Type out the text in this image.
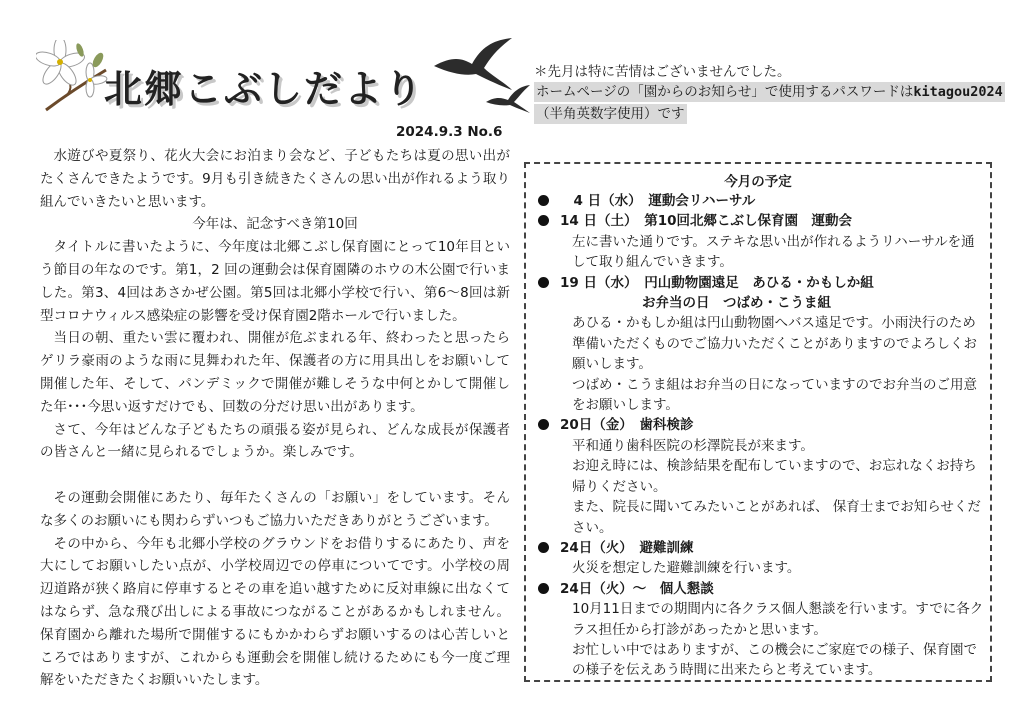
北郷こぶしだより
2024.9.3 No.6
＊先月は特に苦情はございませんでした。
ホームページの「園からのお知らせ」で使用するパスワードはkitagou2024
（半角英数字使用）です

水遊びや夏祭り、花火大会にお泊まり会など、子どもたちは夏の思い出がたくさんできたようです。9月も引き続きたくさんの思い出が作れるよう取り組んでいきたいと思います。

今年は、記念すべき第10回

タイトルに書いたように、今年度は北郷こぶし保育園にとって10年目という節目の年なのです。第1，2 回の運動会は保育園隣のホウの木公園で行いました。第3、4回はあさかぜ公園。第5回は北郷小学校で行い、第6～8回は新型コロナウィルス感染症の影響を受け保育園2階ホールで行いました。

当日の朝、重たい雲に覆われ、開催が危ぶまれる年、終わったと思ったらゲリラ豪雨のような雨に見舞われた年、保護者の方に用具出しをお願いして開催した年、そして、パンデミックで開催が難しそうな中何とかして開催した年･･･今思い返すだけでも、回数の分だけ思い出があります。

さて、今年はどんな子どもたちの頑張る姿が見られ、どんな成長が保護者の皆さんと一緒に見られるでしょうか。楽しみです。

その運動会開催にあたり、毎年たくさんの「お願い」をしています。そんな多くのお願いにも関わらずいつもご協力いただきありがとうございます。

その中から、今年も北郷小学校のグラウンドをお借りするにあたり、声を大にしてお願いしたい点が、小学校周辺での停車についてです。小学校の周辺道路が狭く路肩に停車するとその車を追い越すために反対車線に出なくてはならず、急な飛び出しによる事故につながることがあるかもしれません。保育園から離れた場所で開催するにもかかわらずお願いするのは心苦しいところではありますが、これからも運動会を開催し続けるためにも今一度ご理解をいただきたくお願いいたします。

今月の予定
　4 日（水）　運動会リハーサル
14 日（土）　第10回北郷こぶし保育園　運動会

左に書いた通りです。ステキな思い出が作れるようリハーサルを通して取り組んでいきます。

19 日（水）　円山動物園遠足　あひる・かもしか組
お弁当の日　つばめ・こうま組

あひる・かもしか組は円山動物園へバス遠足です。小雨決行のため準備いただくものでご協力いただくことがありますのでよろしくお願いします。

つばめ・こうま組はお弁当の日になっていますのでお弁当のご用意をお願いします。

20日（金）　歯科検診

平和通り歯科医院の杉澤院長が来ます。

お迎え時には、検診結果を配布していますので、お忘れなくお持ち帰りください。

また、院長に聞いてみたいことがあれば、 保育士までお知らせください。

24日（火）　避難訓練

火災を想定した避難訓練を行います。

24日（火）～　個人懇談

10月11日までの期間内に各クラス個人懇談を行います。すでに各クラス担任から打診があったかと思います。

お忙しい中ではありますが、この機会にご家庭での様子、保育園での様子を伝えあう時間に出来たらと考えています。
